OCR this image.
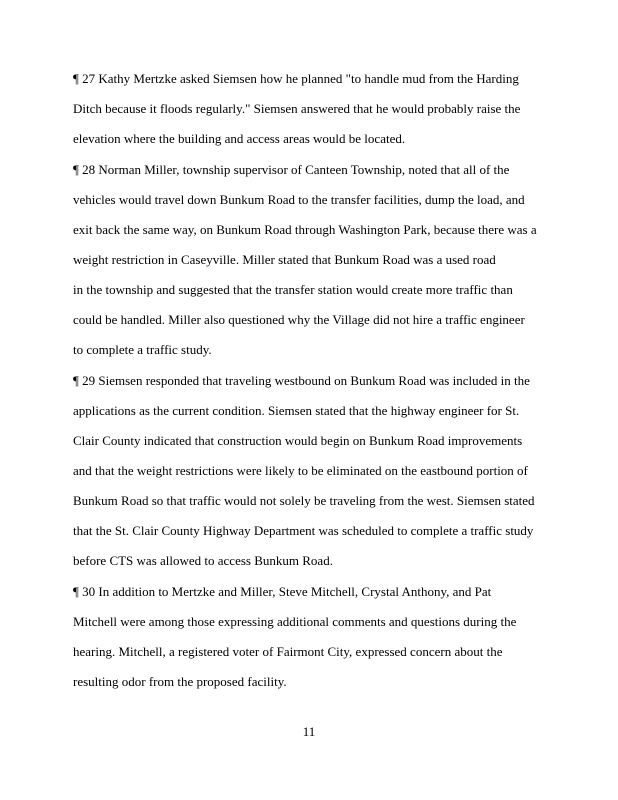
¶ 27 Kathy Mertzke asked Siemsen how he planned "to handle mud from the Harding
Ditch because it floods regularly." Siemsen answered that he would probably raise the
elevation where the building and access areas would be located.
¶ 28 Norman Miller, township supervisor of Canteen Township, noted that all of the
vehicles would travel down Bunkum Road to the transfer facilities, dump the load, and
exit back the same way, on Bunkum Road through Washington Park, because there was a
weight restriction in Caseyville. Miller stated that Bunkum Road was a used road
in the township and suggested that the transfer station would create more traffic than
could be handled. Miller also questioned why the Village did not hire a traffic engineer
to complete a traffic study.
¶ 29 Siemsen responded that traveling westbound on Bunkum Road was included in the
applications as the current condition. Siemsen stated that the highway engineer for St.
Clair County indicated that construction would begin on Bunkum Road improvements
and that the weight restrictions were likely to be eliminated on the eastbound portion of
Bunkum Road so that traffic would not solely be traveling from the west. Siemsen stated
that the St. Clair County Highway Department was scheduled to complete a traffic study
before CTS was allowed to access Bunkum Road.
¶ 30 In addition to Mertzke and Miller, Steve Mitchell, Crystal Anthony, and Pat
Mitchell were among those expressing additional comments and questions during the
hearing. Mitchell, a registered voter of Fairmont City, expressed concern about the
resulting odor from the proposed facility.
11
